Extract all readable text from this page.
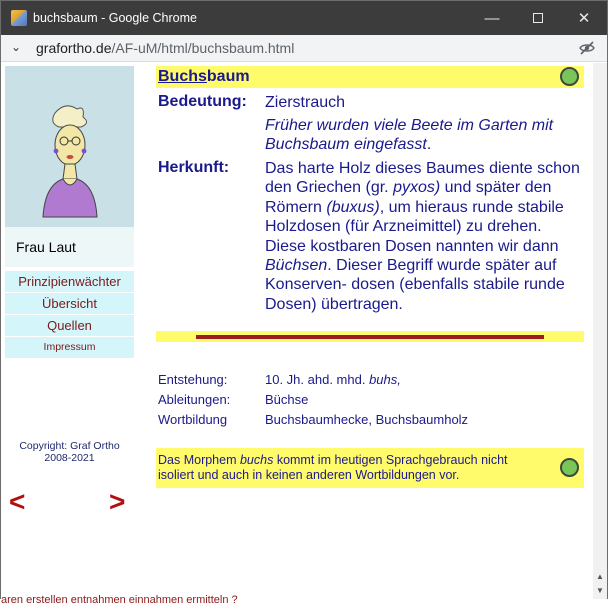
buchsbaum - Google Chrome	—	✕
⌄ grafortho.de/AF-uM/html/buchsbaum.html
Frau Laut
Prinzipienwächter
Übersicht
Quellen
Impressum
Copyright: Graf Ortho
2008-2021
<	>
Buchsbaum
Bedeutung: Zierstrauch
Früher wurden viele Beete im Garten mit Buchsbaum eingefasst.
Herkunft: Das harte Holz dieses Baumes diente schon den Griechen (gr. pyxos) und später den Römern (buxus), um hieraus runde stabile Holzdosen (für Arzneimittel) zu drehen. Diese kostbaren Dosen nannten wir dann Büchsen. Dieser Begriff wurde später auf Konserven- dosen (ebenfalls stabile runde Dosen) übertragen.
Entstehung:	10. Jh. ahd. mhd. buhs,
Ableitungen:	Büchse
Wortbildung	Buchsbaumhecke, Buchsbaumholz
Das Morphem buchs kommt im heutigen Sprachgebrauch nicht isoliert und auch in keinen anderen Wortbildungen vor.
aren erstellen entnahmen einnahmen ermitteln ?
▲
▼
